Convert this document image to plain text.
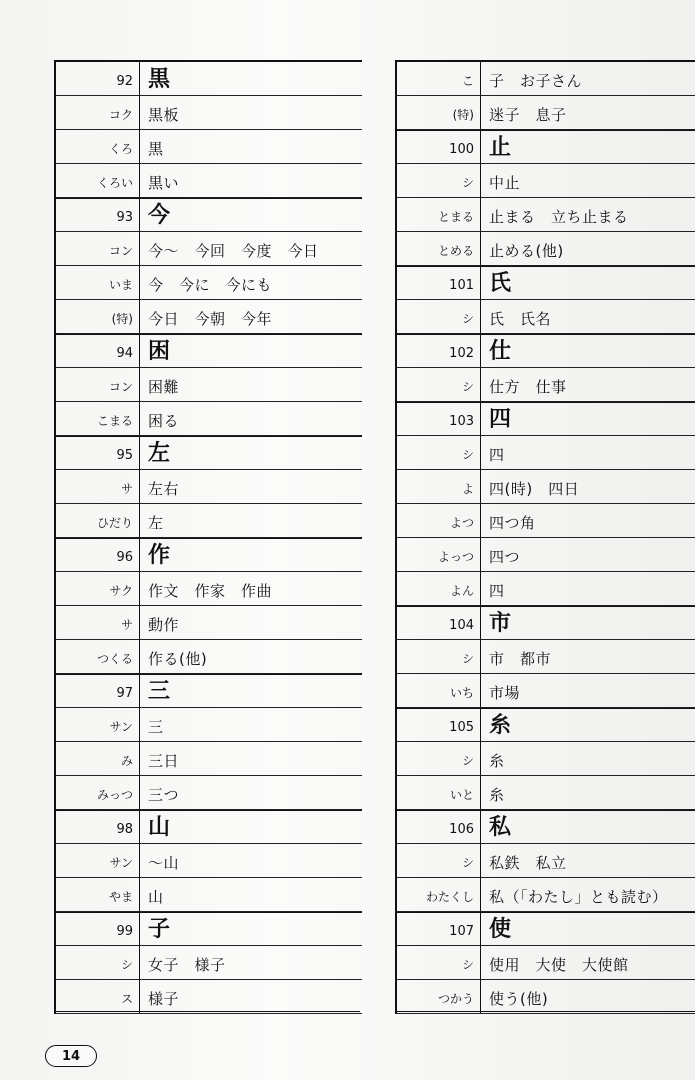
92 黒
コク	黒板
くろ	黒
くろい	黒い
93 今
コン	今～　今回　今度　今日
いま	今　今に　今にも
(特)	今日　今朝　今年
94 困
コン	困難
こまる	困る
95 左
サ	左右
ひだり	左
96 作
サク	作文　作家　作曲
サ	動作
つくる	作る(他)
97 三
サン	三
み	三日
みっつ	三つ
98 山
サン	～山
やま	山
99 子
シ	女子　様子
ス	様子
こ	子　お子さん
(特)	迷子　息子
100 止
シ	中止
とまる	止まる　立ち止まる
とめる	止める(他)
101 氏
シ	氏　氏名
102 仕
シ	仕方　仕事
103 四
シ	四
よ	四(時)　四日
よつ	四つ角
よっつ	四つ
よん	四
104 市
シ	市　都市
いち	市場
105 糸
シ	糸
いと	糸
106 私
シ	私鉄　私立
わたくし	私（「わたし」とも読む）
107 使
シ	使用　大使　大使館
つかう	使う(他)
14
